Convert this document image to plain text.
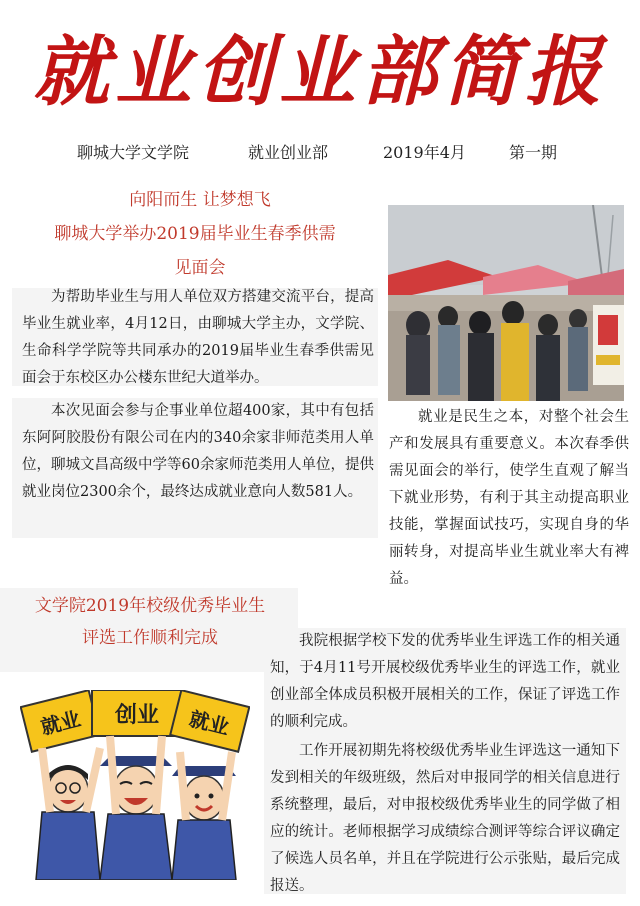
就业创业部简报
聊城大学文学院	就业创业部	2019年4月	第一期
向阳而生 让梦想飞
聊城大学举办2019届毕业生春季供需
见面会

为帮助毕业生与用人单位双方搭建交流平台，提高毕业生就业率，4月12日，由聊城大学主办，文学院、生命科学学院等共同承办的2019届毕业生春季供需见面会于东校区办公楼东世纪大道举办。

本次见面会参与企事业单位超400家，其中有包括东阿阿胶股份有限公司在内的340余家非师范类用人单位，聊城文昌高级中学等60余家师范类用人单位，提供就业岗位2300余个，最终达成就业意向人数581人。

就业是民生之本，对整个社会生产和发展具有重要意义。本次春季供需见面会的举行，使学生直观了解当下就业形势，有利于其主动提高职业技能，掌握面试技巧，实现自身的华丽转身，对提高毕业生就业率大有裨益。

文学院2019年校级优秀毕业生
评选工作顺利完成	我院根据学校下发的优秀毕业生评选工作的相关通知，于4月11号开展校级优秀毕业生的评选工作，就业创业部全体成员积极开展相关的工作，保证了评选工作的顺利完成。

工作开展初期先将校级优秀毕业生评选这一通知下发到相关的年级班级，然后对申报同学的相关信息进行系统整理，最后，对申报校级优秀毕业生的同学做了相应的统计。老师根据学习成绩综合测评等综合评议确定了候选人员名单，并且在学院进行公示张贴，最后完成报送。

就业 创业 就业
